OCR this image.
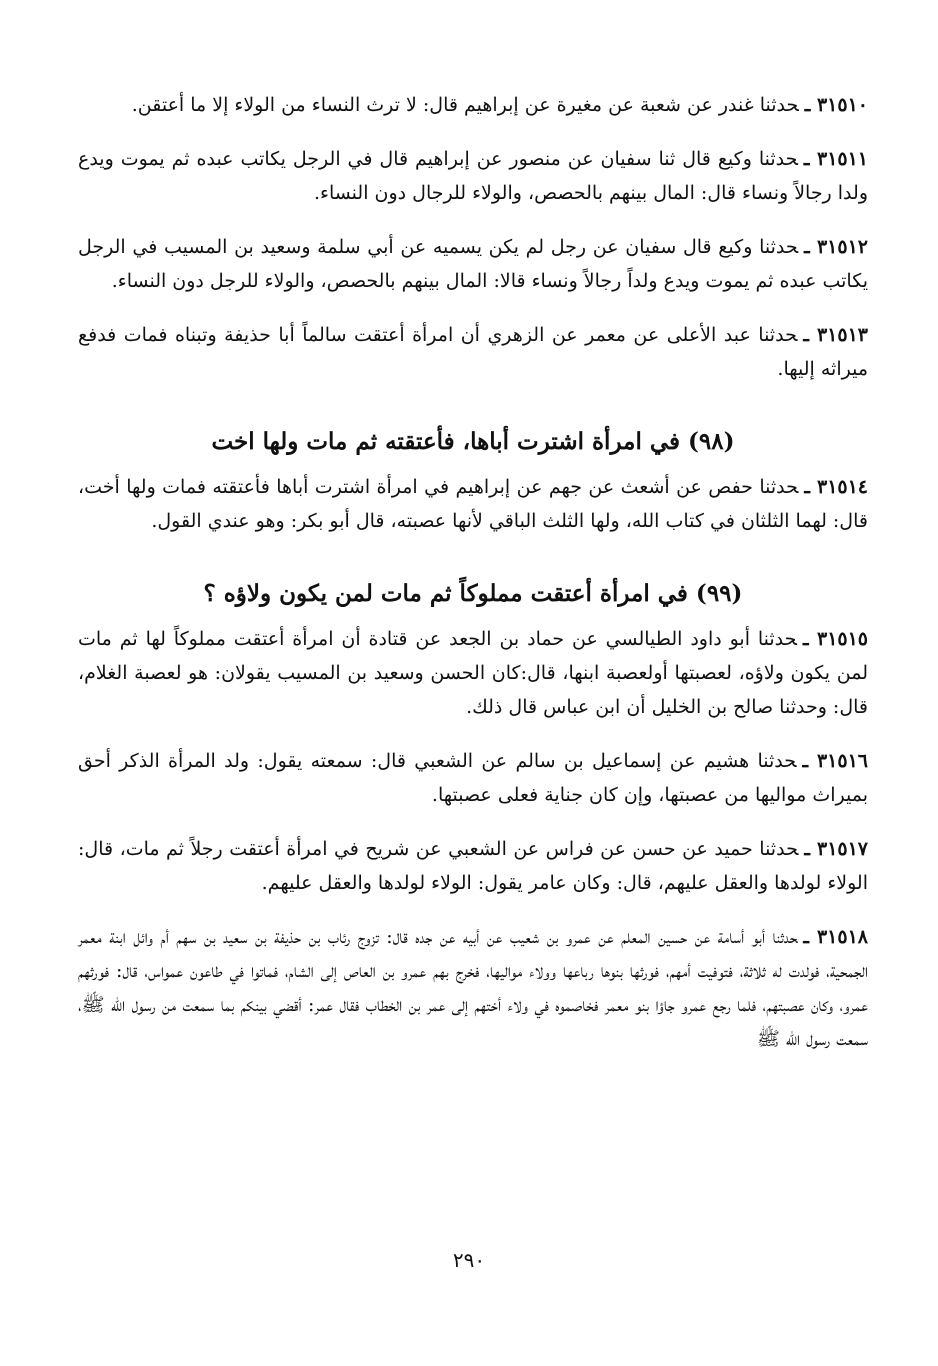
٣١٥١٠ ـحدثنا غندر عن شعبة عن مغيرة عن إبراهيم قال: لا ترث النساء من الولاء إلا ما أعتقن.

٣١٥١١ ـحدثنا وكيع قال ثنا سفيان عن منصور عن إبراهيم قال في الرجل يكاتب عبده ثم يموت ويدع ولدا رجالاً ونساء قال: المال بينهم بالحصص، والولاء للرجال دون النساء.

٣١٥١٢ ـحدثنا وكيع قال سفيان عن رجل لم يكن يسميه عن أبي سلمة وسعيد بن المسيب في الرجل يكاتب عبده ثم يموت ويدع ولداً رجالاً ونساء قالا: المال بينهم بالحصص، والولاء للرجل دون النساء.

٣١٥١٣ ـحدثنا عبد الأعلى عن معمر عن الزهري أن امرأة أعتقت سالماً أبا حذيفة وتبناه فمات فدفع ميراثه إليها.

(٩٨) في امرأة اشترت أباها، فأعتقته ثم مات ولها اخت

٣١٥١٤ ـحدثنا حفص عن أشعث عن جهم عن إبراهيم في امرأة اشترت أباها فأعتقته فمات ولها أخت، قال: لهما الثلثان في كتاب الله، ولها الثلث الباقي لأنها عصبته، قال أبو بكر: وهو عندي القول.

(٩٩) في امرأة أعتقت مملوكاً ثم مات لمن يكون ولاؤه ؟

٣١٥١٥ ـحدثنا أبو داود الطيالسي عن حماد بن الجعد عن قتادة أن امرأة أعتقت مملوكاً لها ثم مات لمن يكون ولاؤه، لعصبتها أولعصبة ابنها، قال:كان الحسن وسعيد بن المسيب يقولان: هو لعصبة الغلام، قال: وحدثنا صالح بن الخليل أن ابن عباس قال ذلك.

٣١٥١٦ ـحدثنا هشيم عن إسماعيل بن سالم عن الشعبي قال: سمعته يقول: ولد المرأة الذكر أحق بميراث مواليها من عصبتها، وإن كان جناية فعلى عصبتها.

٣١٥١٧ ـحدثنا حميد عن حسن عن فراس عن الشعبي عن شريح في امرأة أعتقت رجلاً ثم مات، قال: الولاء لولدها والعقل عليهم، قال: وكان عامر يقول: الولاء لولدها والعقل عليهم.

٣١٥١٨ ـحدثنا أبو أسامة عن حسين المعلم عن عمرو بن شعيب عن أبيه عن جده قال: تزوج رئاب بن حذيفة بن سعيد بن سهم أم وائل ابنة معمر الجمحية، فولدت له ثلاثة، فتوفيت أمهم، فورثها بنوها رباعها وولاء مواليها، فخرج بهم عمرو بن العاص إلى الشام، فماتوا في طاعون عمواس، قال: فورثهم عمرو، وكان عصبتهم، فلما رجع عمرو جاؤا بنو معمر فخاصموه في ولاء أختهم إلى عمر بن الخطاب فقال عمر: أقضي بينكم بما سمعت من رسول الله ﷺ، سمعت رسول الله ﷺ

٢٩٠
